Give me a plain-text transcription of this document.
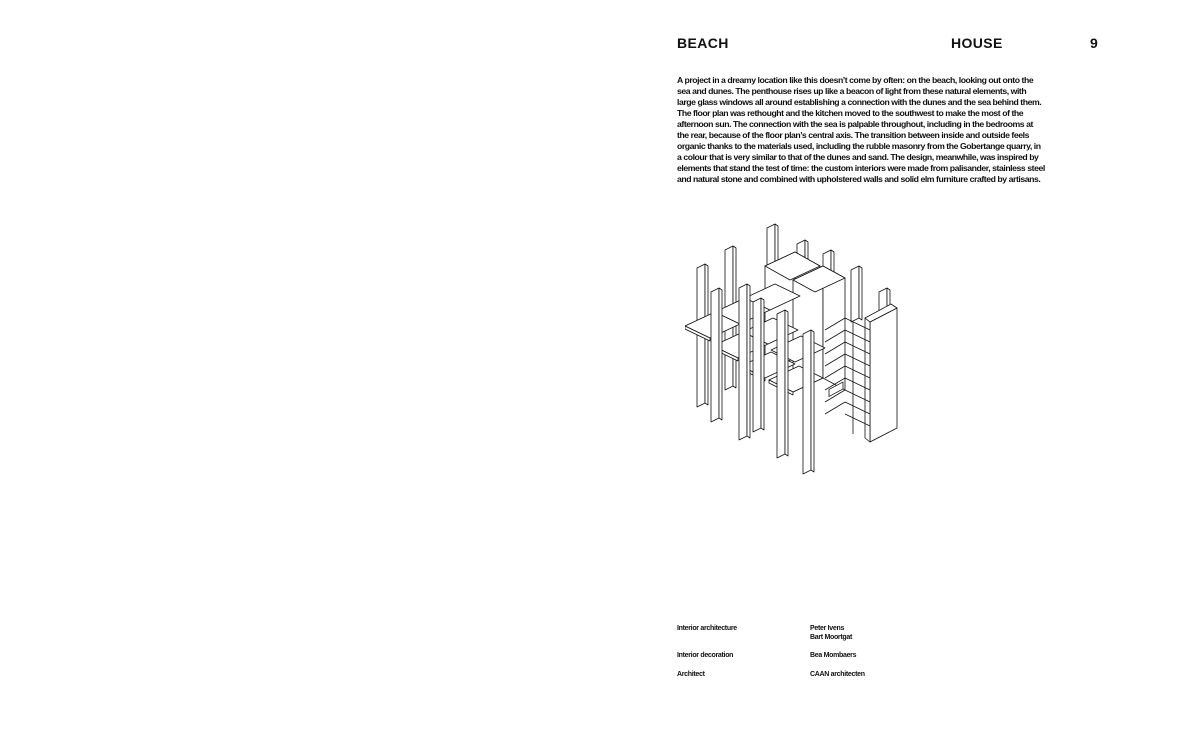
BEACH	HOUSE	9

A project in a dreamy location like this doesn’t come by often: on the beach, looking out onto the sea and dunes. The penthouse rises up like a beacon of light from these natural elements, with large glass windows all around establishing a connection with the dunes and the sea behind them. The floor plan was rethought and the kitchen moved to the southwest to make the most of the afternoon sun. The connection with the sea is palpable throughout, including in the bedrooms at the rear, because of the floor plan’s central axis. The transition between inside and outside feels organic thanks to the materials used, including the rubble masonry from the Gobertange quarry, in a colour that is very similar to that of the dunes and sand. The design, meanwhile, was inspired by elements that stand the test of time: the custom interiors were made from palisander, stainless steel and natural stone and combined with upholstered walls and solid elm furniture crafted by artisans.

Interior architecture	Peter Ivens
Bart Moortgat
Interior decoration	Bea Mombaers
Architect	CAAN architecten
